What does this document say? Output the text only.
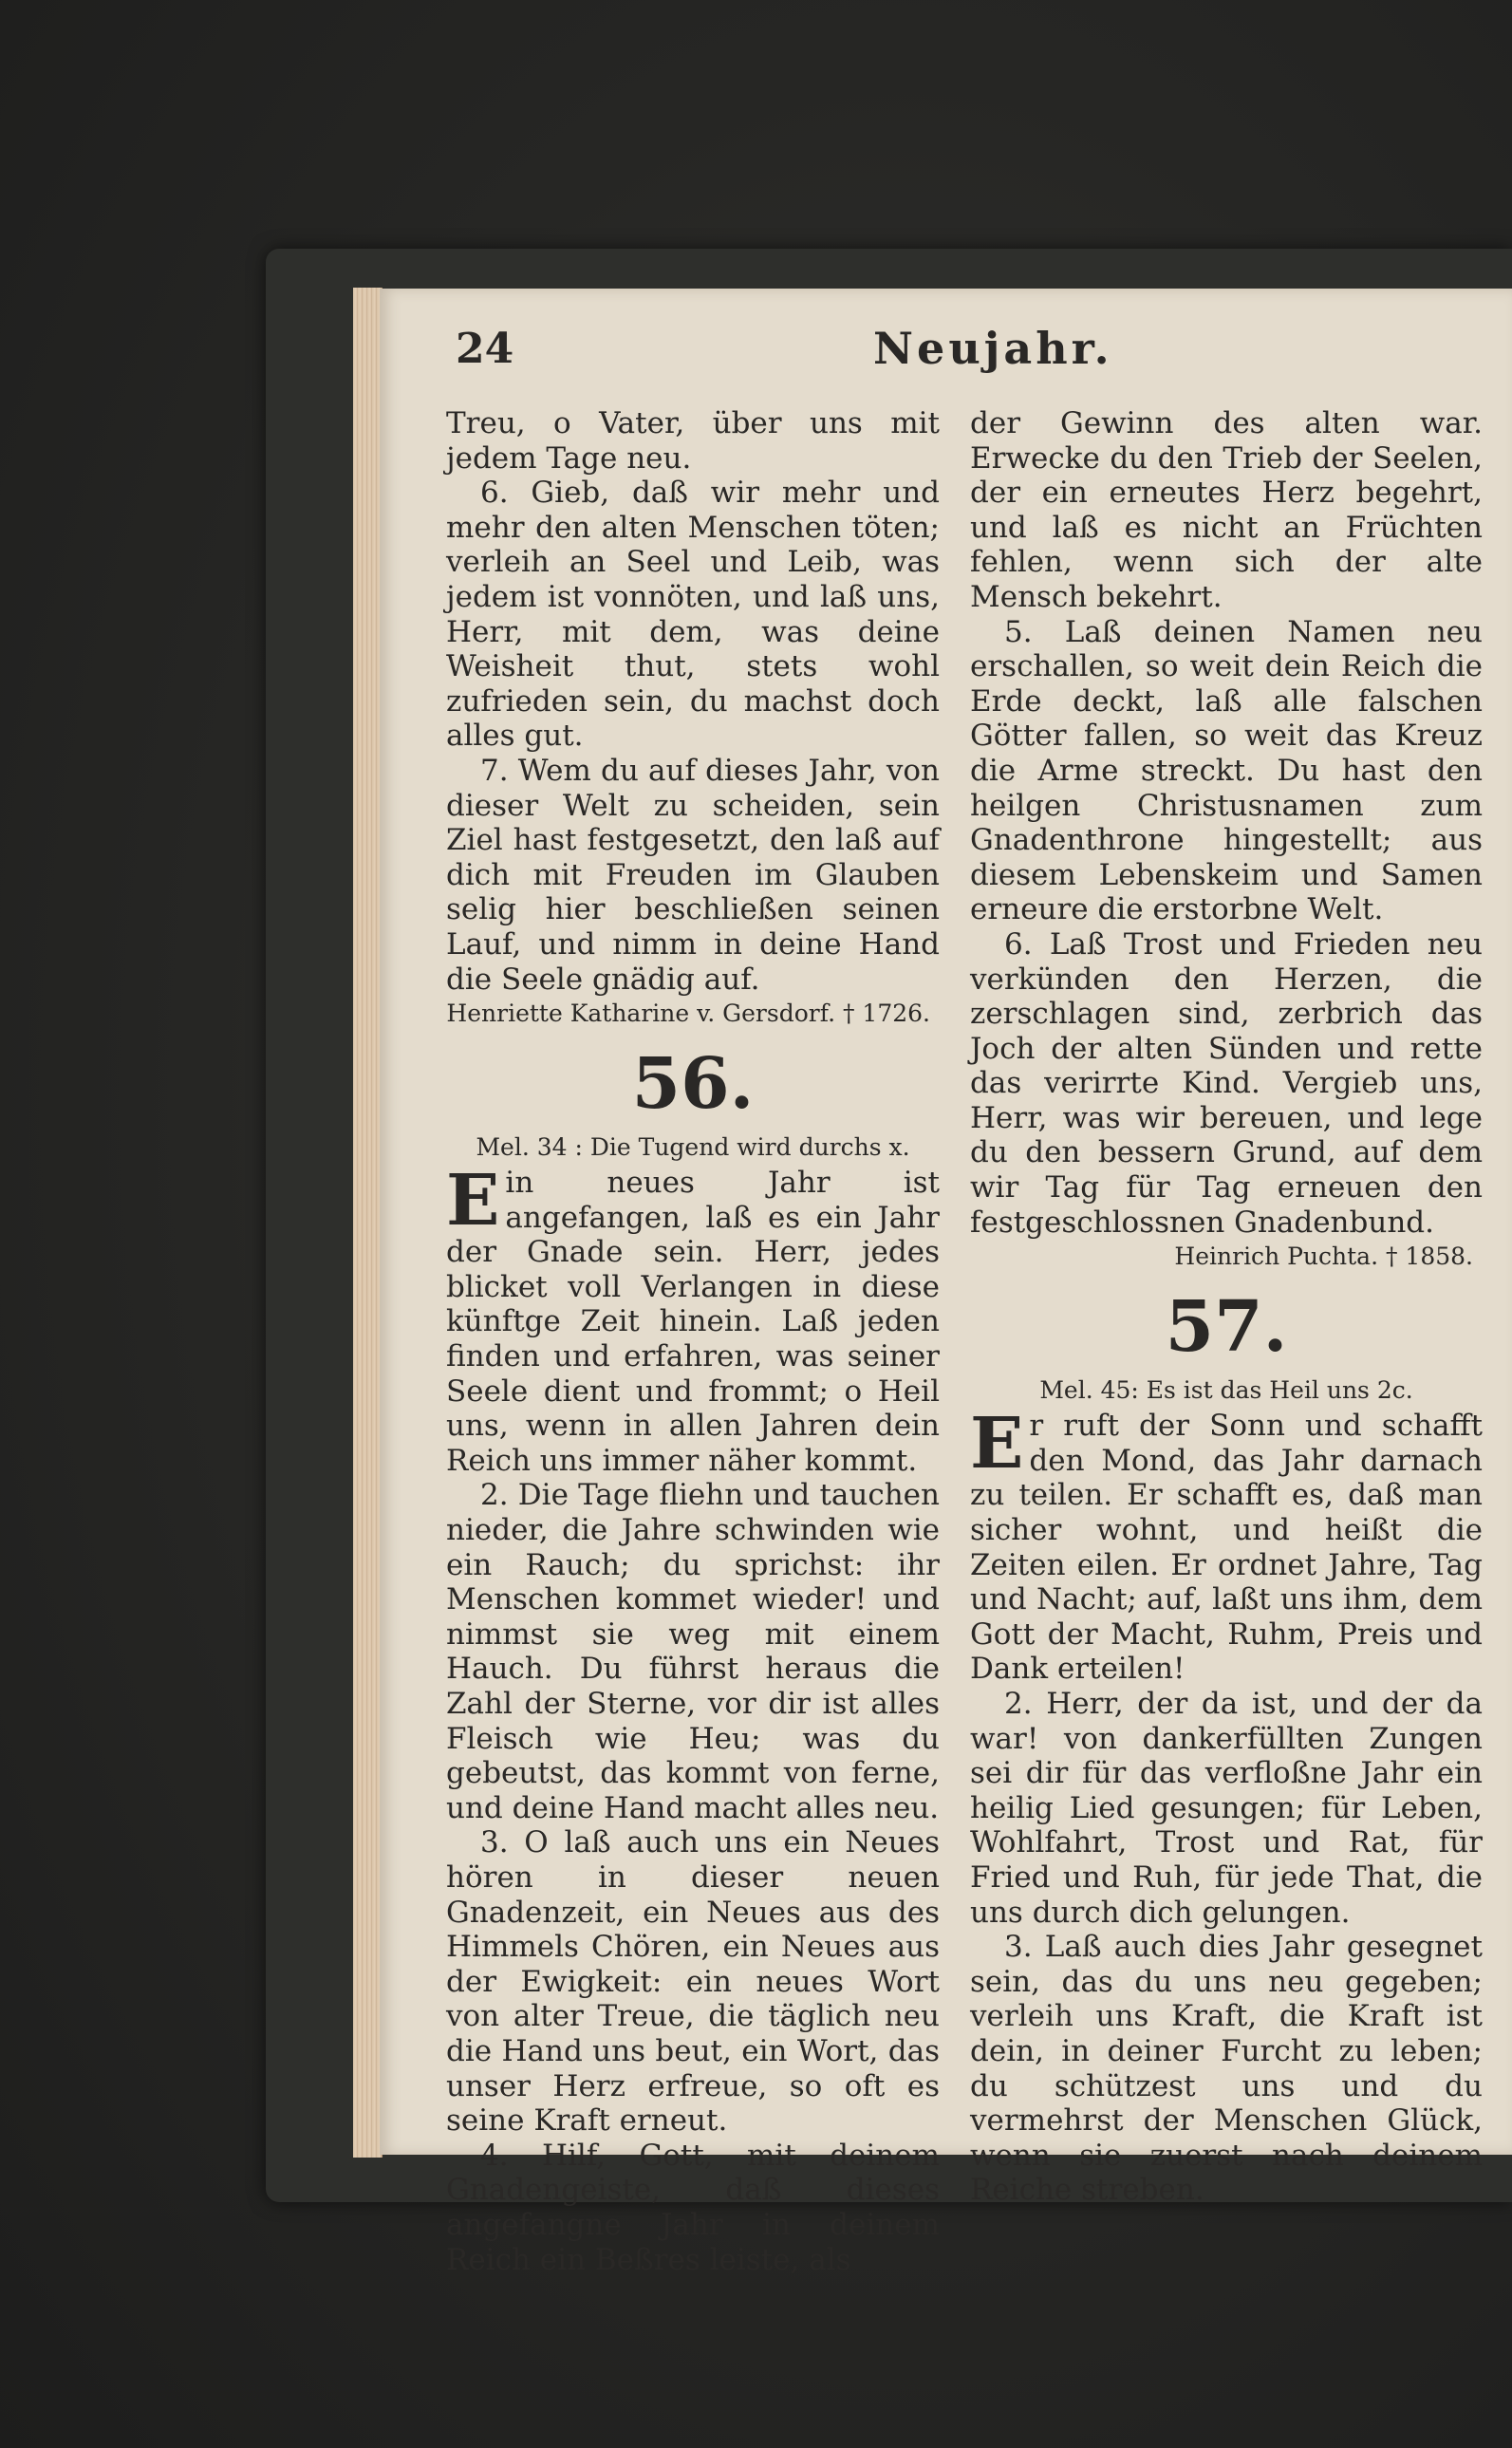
24	Neujahr.

Treu, o Vater, über uns mit jedem Tage neu.

6. Gieb, daß wir mehr und mehr den alten Menschen töten; verleih an Seel und Leib, was jedem ist vonnöten, und laß uns, Herr, mit dem, was deine Weisheit thut, stets wohl zufrieden sein, du machst doch alles gut.

7. Wem du auf dieses Jahr, von dieser Welt zu scheiden, sein Ziel hast festgesetzt, den laß auf dich mit Freuden im Glauben selig hier beschließen seinen Lauf, und nimm in deine Hand die Seele gnädig auf.

Henriette Katharine v. Gersdorf. † 1726.

56.
Mel. 34 : Die Tugend wird durchs x.

Ein neues Jahr ist angefangen, laß es ein Jahr der Gnade sein. Herr, jedes blicket voll Verlangen in diese künftge Zeit hinein. Laß jeden finden und erfahren, was seiner Seele dient und frommt; o Heil uns, wenn in allen Jahren dein Reich uns immer näher kommt.

2. Die Tage fliehn und tauchen nieder, die Jahre schwinden wie ein Rauch; du sprichst: ihr Menschen kommet wieder! und nimmst sie weg mit einem Hauch. Du führst heraus die Zahl der Sterne, vor dir ist alles Fleisch wie Heu; was du gebeutst, das kommt von ferne, und deine Hand macht alles neu.

3. O laß auch uns ein Neues hören in dieser neuen Gnadenzeit, ein Neues aus des Himmels Chören, ein Neues aus der Ewigkeit: ein neues Wort von alter Treue, die täglich neu die Hand uns beut, ein Wort, das unser Herz erfreue, so oft es seine Kraft erneut.

4. Hilf, Gott, mit deinem Gnadengeiste, daß dieses angefangne Jahr in deinem Reich ein Beßres leiste, als

der Gewinn des alten war. Erwecke du den Trieb der Seelen, der ein erneutes Herz begehrt, und laß es nicht an Früchten fehlen, wenn sich der alte Mensch bekehrt.

5. Laß deinen Namen neu erschallen, so weit dein Reich die Erde deckt, laß alle falschen Götter fallen, so weit das Kreuz die Arme streckt. Du hast den heilgen Christusnamen zum Gnadenthrone hingestellt; aus diesem Lebenskeim und Samen erneure die erstorbne Welt.

6. Laß Trost und Frieden neu verkünden den Herzen, die zerschlagen sind, zerbrich das Joch der alten Sünden und rette das verirrte Kind. Vergieb uns, Herr, was wir bereuen, und lege du den bessern Grund, auf dem wir Tag für Tag erneuen den festgeschlossnen Gnadenbund.

Heinrich Puchta. † 1858.

57.
Mel. 45: Es ist das Heil uns 2c.

Er ruft der Sonn und schafft den Mond, das Jahr darnach zu teilen. Er schafft es, daß man sicher wohnt, und heißt die Zeiten eilen. Er ordnet Jahre, Tag und Nacht; auf, laßt uns ihm, dem Gott der Macht, Ruhm, Preis und Dank erteilen!

2. Herr, der da ist, und der da war! von dankerfüllten Zungen sei dir für das verfloßne Jahr ein heilig Lied gesungen; für Leben, Wohlfahrt, Trost und Rat, für Fried und Ruh, für jede That, die uns durch dich gelungen.

3. Laß auch dies Jahr gesegnet sein, das du uns neu gegeben; verleih uns Kraft, die Kraft ist dein, in deiner Furcht zu leben; du schützest uns und du vermehrst der Menschen Glück, wenn sie zuerst nach deinem Reiche streben.
